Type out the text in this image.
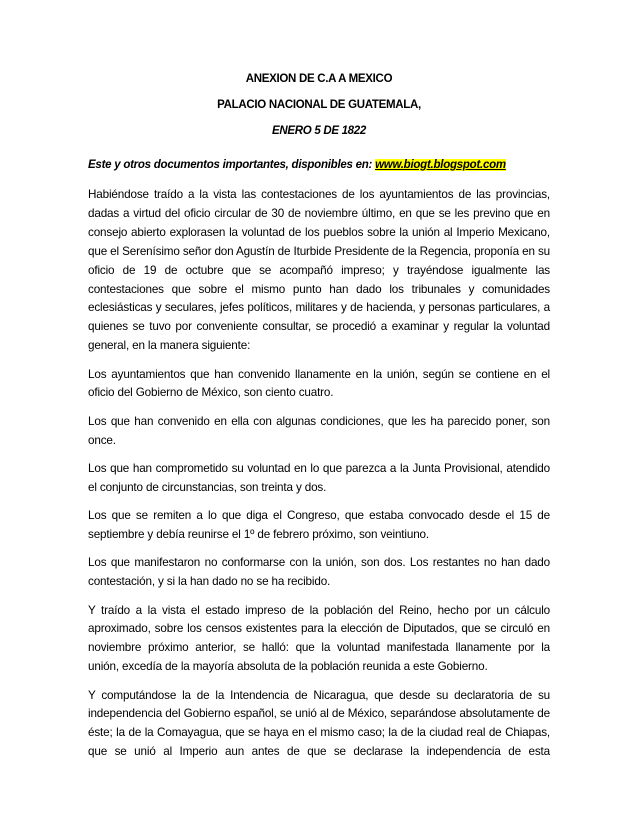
ANEXION DE C.A A MEXICO
PALACIO NACIONAL DE GUATEMALA,
ENERO 5 DE 1822
Este y otros documentos importantes, disponibles en: www.biogt.blogspot.com

Habiéndose traído a la vista las contestaciones de los ayuntamientos de las provincias, dadas a virtud del oficio circular de 30 de noviembre último, en que se les previno que en consejo abierto explorasen la voluntad de los pueblos sobre la unión al Imperio Mexicano, que el Serenísimo señor don Agustín de Iturbide Presidente de la Regencia, proponía en su oficio de 19 de octubre que se acompañó impreso; y trayéndose igualmente las contestaciones que sobre el mismo punto han dado los tribunales y comunidades eclesiásticas y seculares, jefes políticos, militares y de hacienda, y personas particulares, a quienes se tuvo por conveniente consultar, se procedió a examinar y regular la voluntad
general, en la manera siguiente:

Los ayuntamientos que han convenido llanamente en la unión, según se contiene en el
oficio del Gobierno de México, son ciento cuatro.

Los que han convenido en ella con algunas condiciones, que les ha parecido poner, son
once.

Los que han comprometido su voluntad en lo que parezca a la Junta Provisional, atendido
el conjunto de circunstancias, son treinta y dos.

Los que se remiten a lo que diga el Congreso, que estaba convocado desde el 15 de
septiembre y debía reunirse el 1º de febrero próximo, son veintiuno.

Los que manifestaron no conformarse con la unión, son dos. Los restantes no han dado
contestación, y si la han dado no se ha recibido.

Y traído a la vista el estado impreso de la población del Reino, hecho por un cálculo aproximado, sobre los censos existentes para la elección de Diputados, que se circuló en noviembre próximo anterior, se halló: que la voluntad manifestada llanamente por la
unión, excedía de la mayoría absoluta de la población reunida a este Gobierno.

Y computándose la de la Intendencia de Nicaragua, que desde su declaratoria de su independencia del Gobierno español, se unió al de México, separándose absolutamente de éste; la de la Comayagua, que se haya en el mismo caso; la de la ciudad real de Chiapas, que se unió al Imperio aun antes de que se declarase la independencia de esta
